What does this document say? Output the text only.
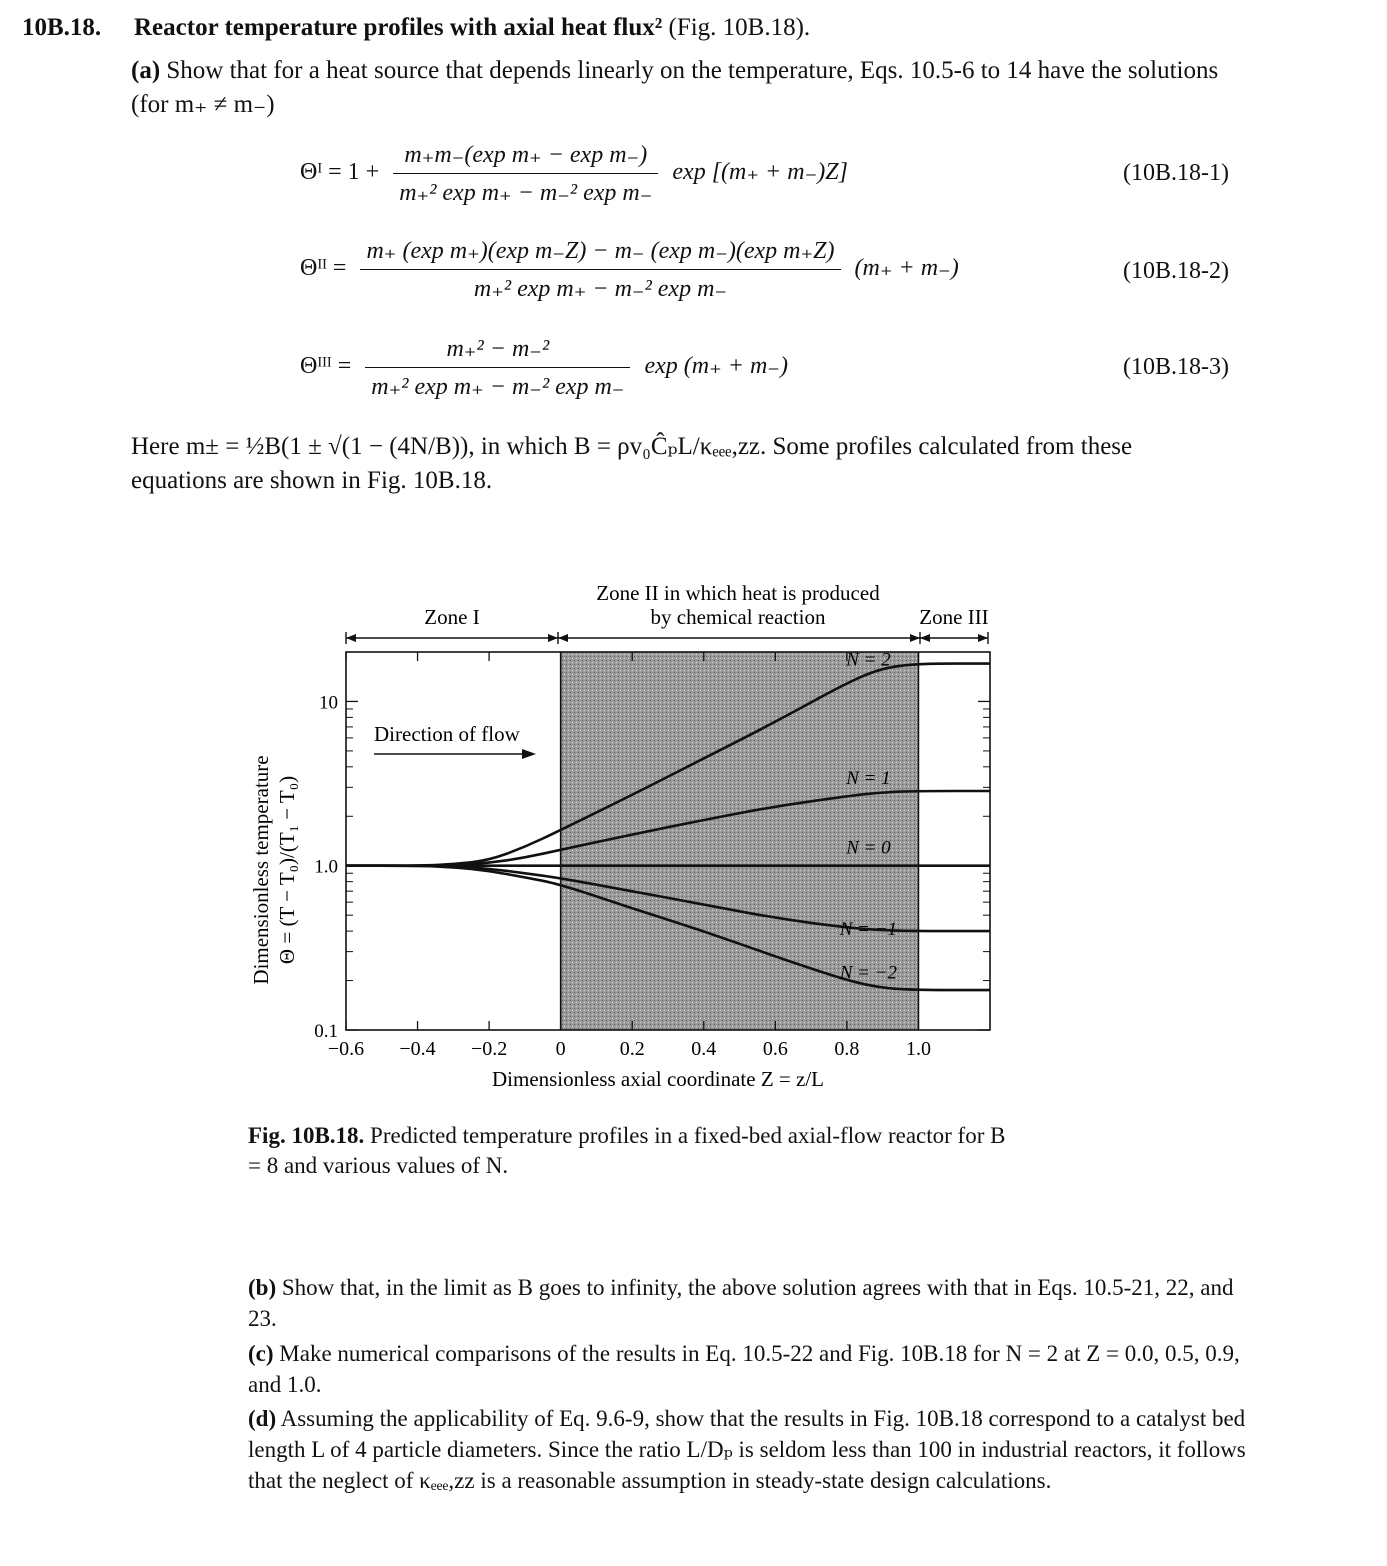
10B.18. Reactor temperature profiles with axial heat flux² (Fig. 10B.18).
(a) Show that for a heat source that depends linearly on the temperature, Eqs. 10.5-6 to 14 have the solutions (for m₊ ≠ m₋)
Θᴵ = $1 + \frac{\text{m₊m₋(exp m₊ − exp m₋)}}{\text{m₊² exp m₊ − m₋² exp m₋}}$ exp [(m₊ + m₋)Z]	(10B.18-1)
Θᴵᴵ = $\frac{\text{m₊ (exp m₊)(exp m₋Z) − m₋ (exp m₋)(exp m₊Z)}}{\text{m₊² exp m₊ − m₋² exp m₋}} (m_+ + m_-)$	(10B.18-2)
Θᴵᴵᴵ = $\frac{\text{m₊² − m₋²}}{\text{m₊² exp m₊ − m₋² exp m₋}}$ exp (m₊ + m₋)	(10B.18-3)
Here m± = ½B(1 ± √(1 − (4N/B)), in which B = ρv₀ĈₚL/κₑₑₑ,zz. Some profiles calculated from these equations are shown in Fig. 10B.18.
Zone I
Zone II in which heat is produced
by chemical reaction	Zone III
−0.6 −0.4 −0.2 0	0.2 0.4 0.6 0.8 1.0
0.1
1.0
10
N = 2
N = 1
N = 0
N = −1
N = −2
Dimensionless axial coordinate Z = z/L
Dimensionless temperature Θ = (T − T₀)/(T₁ − T₀)
Direction of flow
Fig. 10B.18. Predicted temperature profiles in a fixed-bed axial-flow reactor for B = 8 and various values of N.
(b) Show that, in the limit as B goes to infinity, the above solution agrees with that in Eqs. 10.5-21, 22, and 23.
(c) Make numerical comparisons of the results in Eq. 10.5-22 and Fig. 10B.18 for N = 2 at Z = 0.0, 0.5, 0.9, and 1.0.
(d) Assuming the applicability of Eq. 9.6-9, show that the results in Fig. 10B.18 correspond to a catalyst bed length L of 4 particle diameters. Since the ratio L/Dₚ is seldom less than 100 in industrial reactors, it follows that the neglect of κₑₑₑ,zz is a reasonable assumption in steady-state design calculations.
